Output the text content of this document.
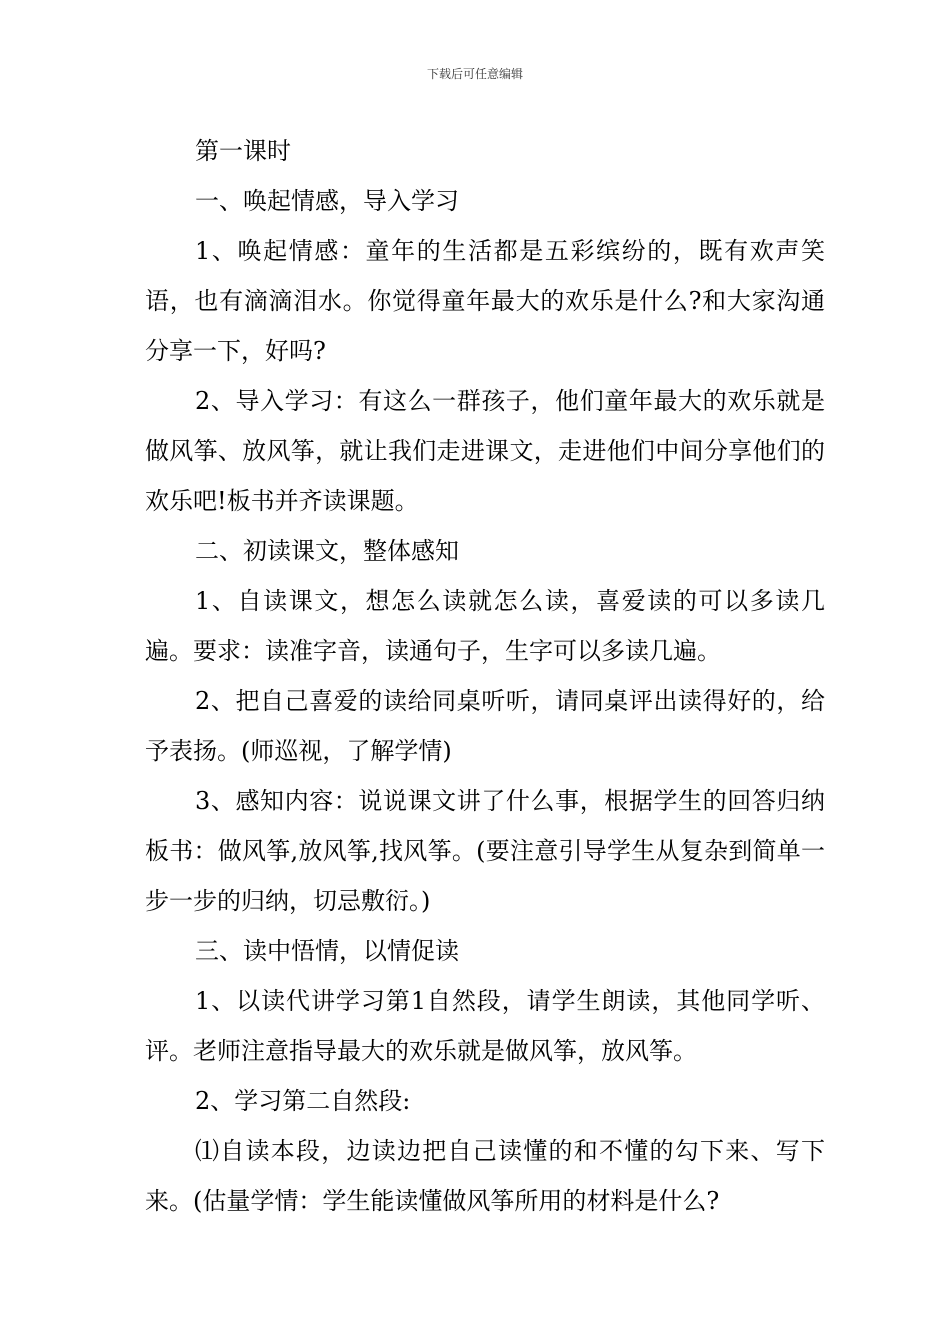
下载后可任意编辑

第一课时

一、唤起情感，导入学习

1、唤起情感：童年的生活都是五彩缤纷的，既有欢声笑语，也有滴滴泪水。你觉得童年最大的欢乐是什么?和大家沟通分享一下，好吗?

2、导入学习：有这么一群孩子，他们童年最大的欢乐就是做风筝、放风筝，就让我们走进课文，走进他们中间分享他们的欢乐吧!板书并齐读课题。

二、初读课文，整体感知

1、自读课文，想怎么读就怎么读，喜爱读的可以多读几遍。要求：读准字音，读通句子，生字可以多读几遍。

2、把自己喜爱的读给同桌听听，请同桌评出读得好的，给予表扬。(师巡视，了解学情)

3、感知内容：说说课文讲了什么事，根据学生的回答归纳板书：做风筝,放风筝,找风筝。(要注意引导学生从复杂到简单一步一步的归纳，切忌敷衍。)

三、读中悟情，以情促读

1、以读代讲学习第1自然段，请学生朗读，其他同学听、评。老师注意指导最大的欢乐就是做风筝，放风筝。

2、学习第二自然段:

⑴自读本段，边读边把自己读懂的和不懂的勾下来、写下来。(估量学情：学生能读懂做风筝所用的材料是什么?
